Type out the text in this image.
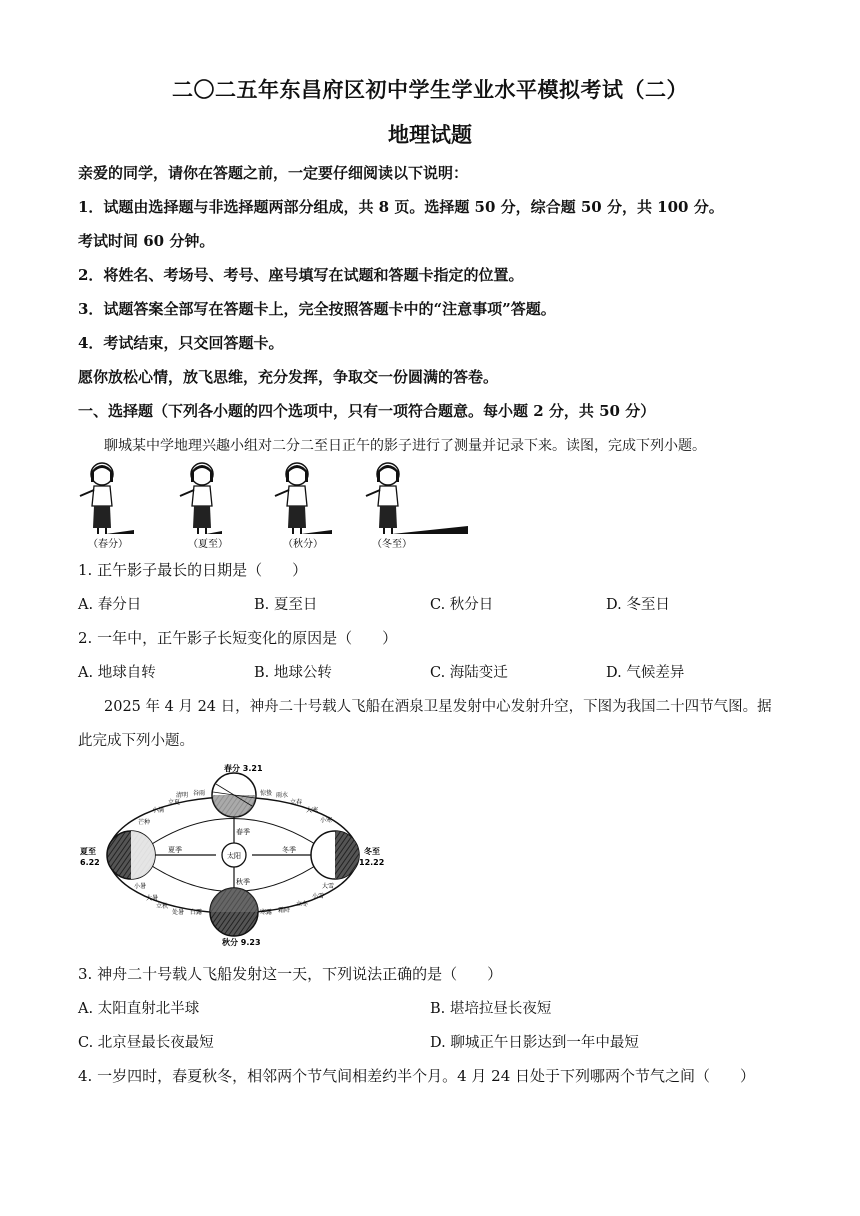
二〇二五年东昌府区初中学生学业水平模拟考试（二）
地理试题
亲爱的同学，请你在答题之前，一定要仔细阅读以下说明：
1．试题由选择题与非选择题两部分组成，共 8 页。选择题 50 分，综合题 50 分，共 100 分。
考试时间 60 分钟。
2．将姓名、考场号、考号、座号填写在试题和答题卡指定的位置。
3．试题答案全部写在答题卡上，完全按照答题卡中的“注意事项”答题。
4．考试结束，只交回答题卡。
愿你放松心情，放飞思维，充分发挥，争取交一份圆满的答卷。
一、选择题（下列各小题的四个选项中，只有一项符合题意。每小题 2 分，共 50 分）
聊城某中学地理兴趣小组对二分二至日正午的影子进行了测量并记录下来。读图，完成下列小题。
（春分）	（夏至）	（秋分）	（冬至）
1. 正午影子最长的日期是（　　）
A. 春分日	B. 夏至日	C. 秋分日	D. 冬至日
2. 一年中，正午影子长短变化的原因是（　　）
A. 地球自转	B. 地球公转	C. 海陆变迁	D. 气候差异
2025 年 4 月 24 日，神舟二十号载人飞船在酒泉卫星发射中心发射升空，下图为我国二十四节气图。据
此完成下列小题。
太阳
春分 3.21
夏至
6.22
秋分 9.23
冬至
12.22
春季
夏季
秋季
冬季
谷雨
清明
立夏
小满
芒种
惊蛰 雨水
立春
大寒
小寒
小暑
大暑
立秋
处暑 白露	寒露 霜降
立冬
小雪
大雪
3. 神舟二十号载人飞船发射这一天，下列说法正确的是（　　）
A. 太阳直射北半球	B. 堪培拉昼长夜短
C. 北京昼最长夜最短	D. 聊城正午日影达到一年中最短
4. 一岁四时，春夏秋冬，相邻两个节气间相差约半个月。4 月 24 日处于下列哪两个节气之间（　　）
